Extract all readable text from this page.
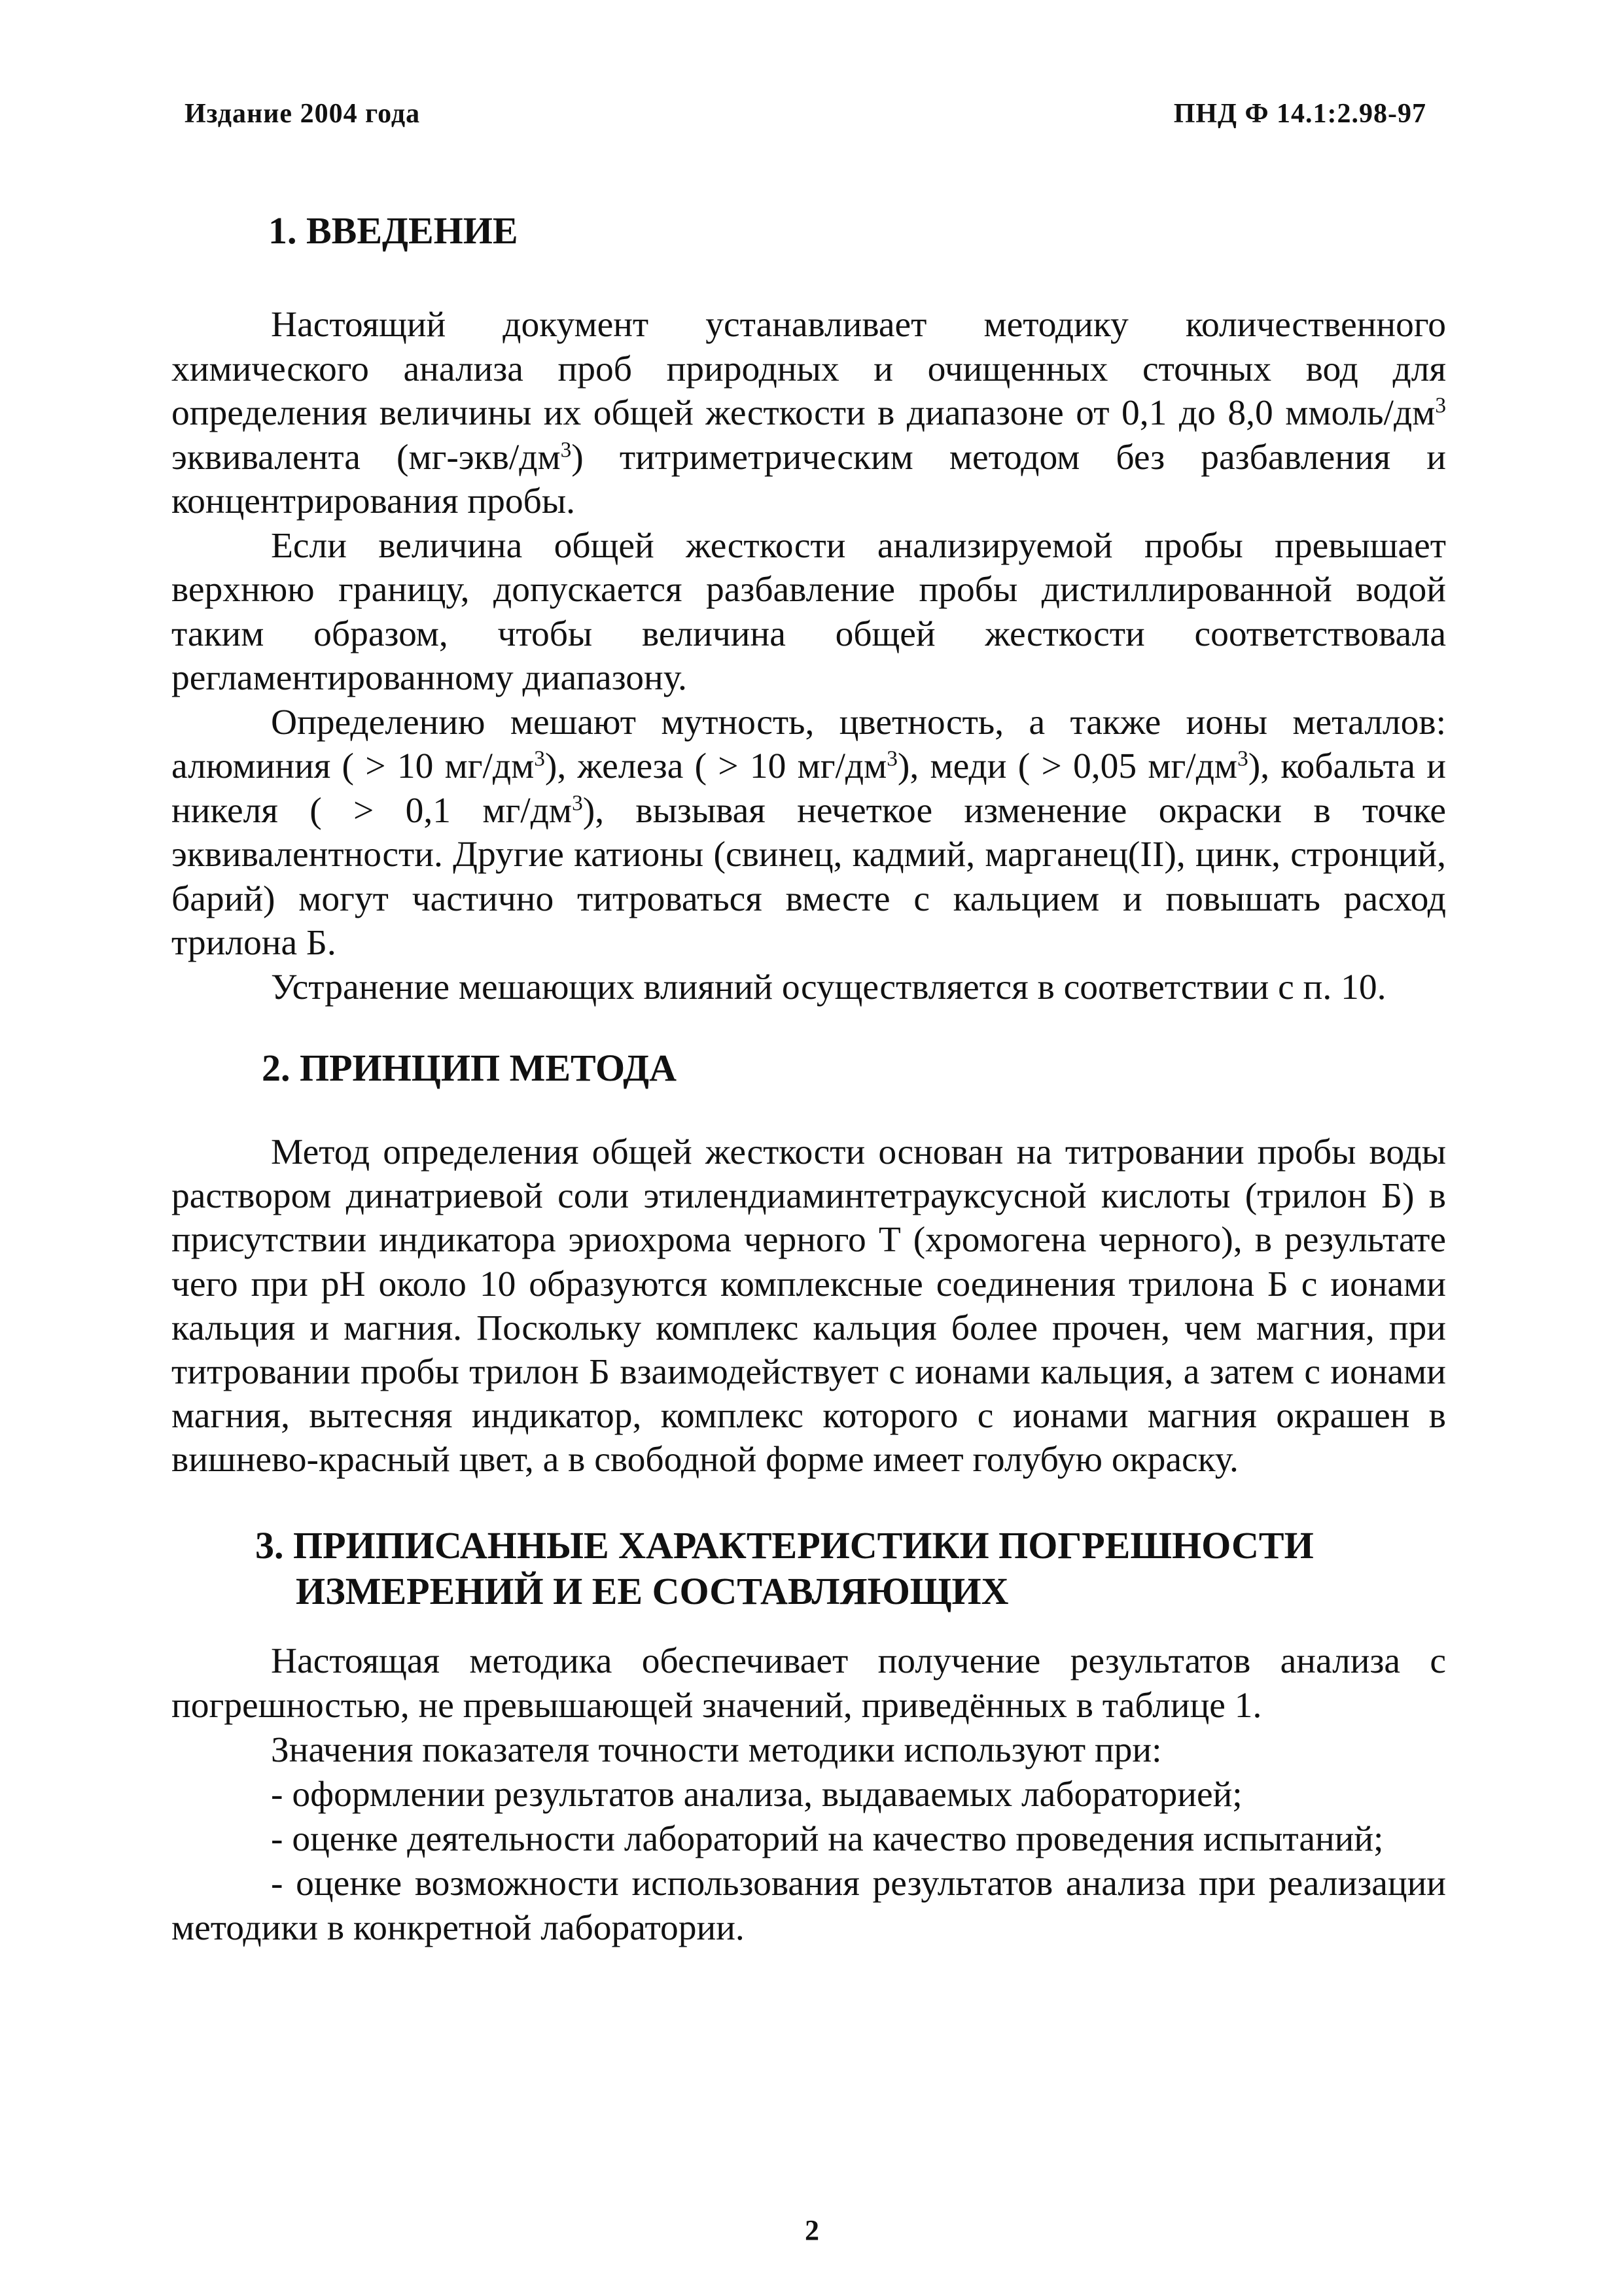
Издание 2004 года	ПНД Ф 14.1:2.98-97
1. ВВЕДЕНИЕ

Настоящий документ устанавливает методику количественного химического анализа проб природных и очищенных сточных вод для определения величины их общей жесткости в диапазоне от 0,1 до 8,0 ммоль/$дм^3$ эквивалента $(мг-экв/дм^3)$ титриметрическим методом без разбавления и концентрирования пробы.

Если величина общей жесткости анализируемой пробы превышает верхнюю границу, допускается разбавление пробы дистиллированной водой таким образом, чтобы величина общей жесткости соответствовала регламентированному диапазону.

Определению мешают мутность, цветность, а также ионы металлов: алюминия ( > 10 $мг/дм^3$), железа ( > 10 $мг/дм^3$), меди ( > 0,05 $мг/дм^3$), кобальта и никеля ( > 0,1 $мг/дм^3$), вызывая нечеткое изменение окраски в точке эквивалентности. Другие катионы (свинец, кадмий, марганец(II), цинк, стронций, барий) могут частично титроваться вместе с кальцием и повышать расход трилона Б.

Устранение мешающих влияний осуществляется в соответствии с п. 10.

2. ПРИНЦИП МЕТОДА

Метод определения общей жесткости основан на титровании пробы воды раствором динатриевой соли этилендиаминтетрауксусной кислоты (трилон Б) в присутствии индикатора эриохрома черного Т (хромогена черного), в результате чего при рН около 10 образуются комплексные соединения трилона Б с ионами кальция и магния. Поскольку комплекс кальция более прочен, чем магния, при титровании пробы трилон Б взаимодействует с ионами кальция, а затем с ионами магния, вытесняя индикатор, комплекс которого с ионами магния окрашен в вишнево-красный цвет, а в свободной форме имеет голубую окраску.

3. ПРИПИСАННЫЕ ХАРАКТЕРИСТИКИ ПОГРЕШНОСТИ
ИЗМЕРЕНИЙ И ЕЕ СОСТАВЛЯЮЩИХ

Настоящая методика обеспечивает получение результатов анализа с погрешностью, не превышающей значений, приведённых в таблице 1.

Значения показателя точности методики используют при:

- оформлении результатов анализа, выдаваемых лабораторией;

- оценке деятельности лабораторий на качество проведения испытаний;

- оценке возможности использования результатов анализа при реализации методики в конкретной лаборатории.

2
